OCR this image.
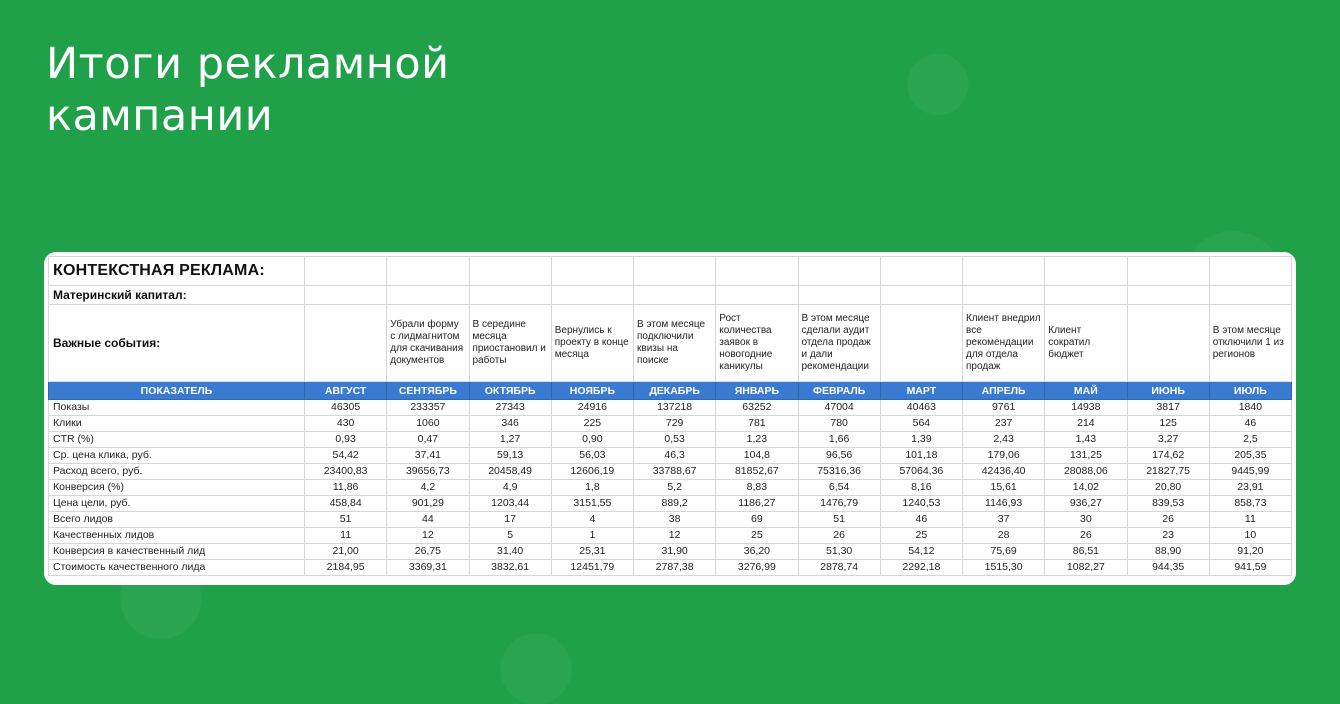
Итоги рекламной
кампании
КОНТЕКСТНАЯ РЕКЛАМА:												
Материнский капитал:												
Важные события:		Убрали форму с лидмагнитом для скачивания документов	В середине месяца приостановил и работы	Вернулись к проекту в конце месяца	В этом месяце подключили квизы на поиске	Рост количества заявок в новогодние каникулы	В этом месяце сделали аудит отдела продаж и дали рекомендации		Клиент внедрил все рекомендации для отдела продаж	Клиент сократил бюджет		В этом месяце отключили 1 из регионов
ПОКАЗАТЕЛЬ	АВГУСТ	СЕНТЯБРЬ	ОКТЯБРЬ	НОЯБРЬ	ДЕКАБРЬ	ЯНВАРЬ	ФЕВРАЛЬ	МАРТ	АПРЕЛЬ	МАЙ	ИЮНЬ	ИЮЛЬ
Показы	46305	233357	27343	24916	137218	63252	47004	40463	9761	14938	3817	1840
Клики	430	1060	346	225	729	781	780	564	237	214	125	46
CTR (%)	0,93	0,47	1,27	0,90	0,53	1,23	1,66	1,39	2,43	1,43	3,27	2,5
Ср. цена клика, руб.	54,42	37,41	59,13	56,03	46,3	104,8	96,56	101,18	179,06	131,25	174,62	205,35
Расход всего, руб.	23400,83	39656,73	20458,49	12606,19	33788,67	81852,67	75316,36	57064,36	42436,40	28088,06	21827,75	9445,99
Конверсия (%)	11,86	4,2	4,9	1,8	5,2	8,83	6,54	8,16	15,61	14,02	20,80	23,91
Цена цели, руб.	458,84	901,29	1203,44	3151,55	889,2	1186,27	1476,79	1240,53	1146,93	936,27	839,53	858,73
Всего лидов	51	44	17	4	38	69	51	46	37	30	26	11
Качественных лидов	11	12	5	1	12	25	26	25	28	26	23	10
Конверсия в качественный лид	21,00	26,75	31,40	25,31	31,90	36,20	51,30	54,12	75,69	86,51	88,90	91,20
Стоимость качественного лида	2184,95	3369,31	3832,61	12451,79	2787,38	3276,99	2878,74	2292,18	1515,30	1082,27	944,35	941,59
